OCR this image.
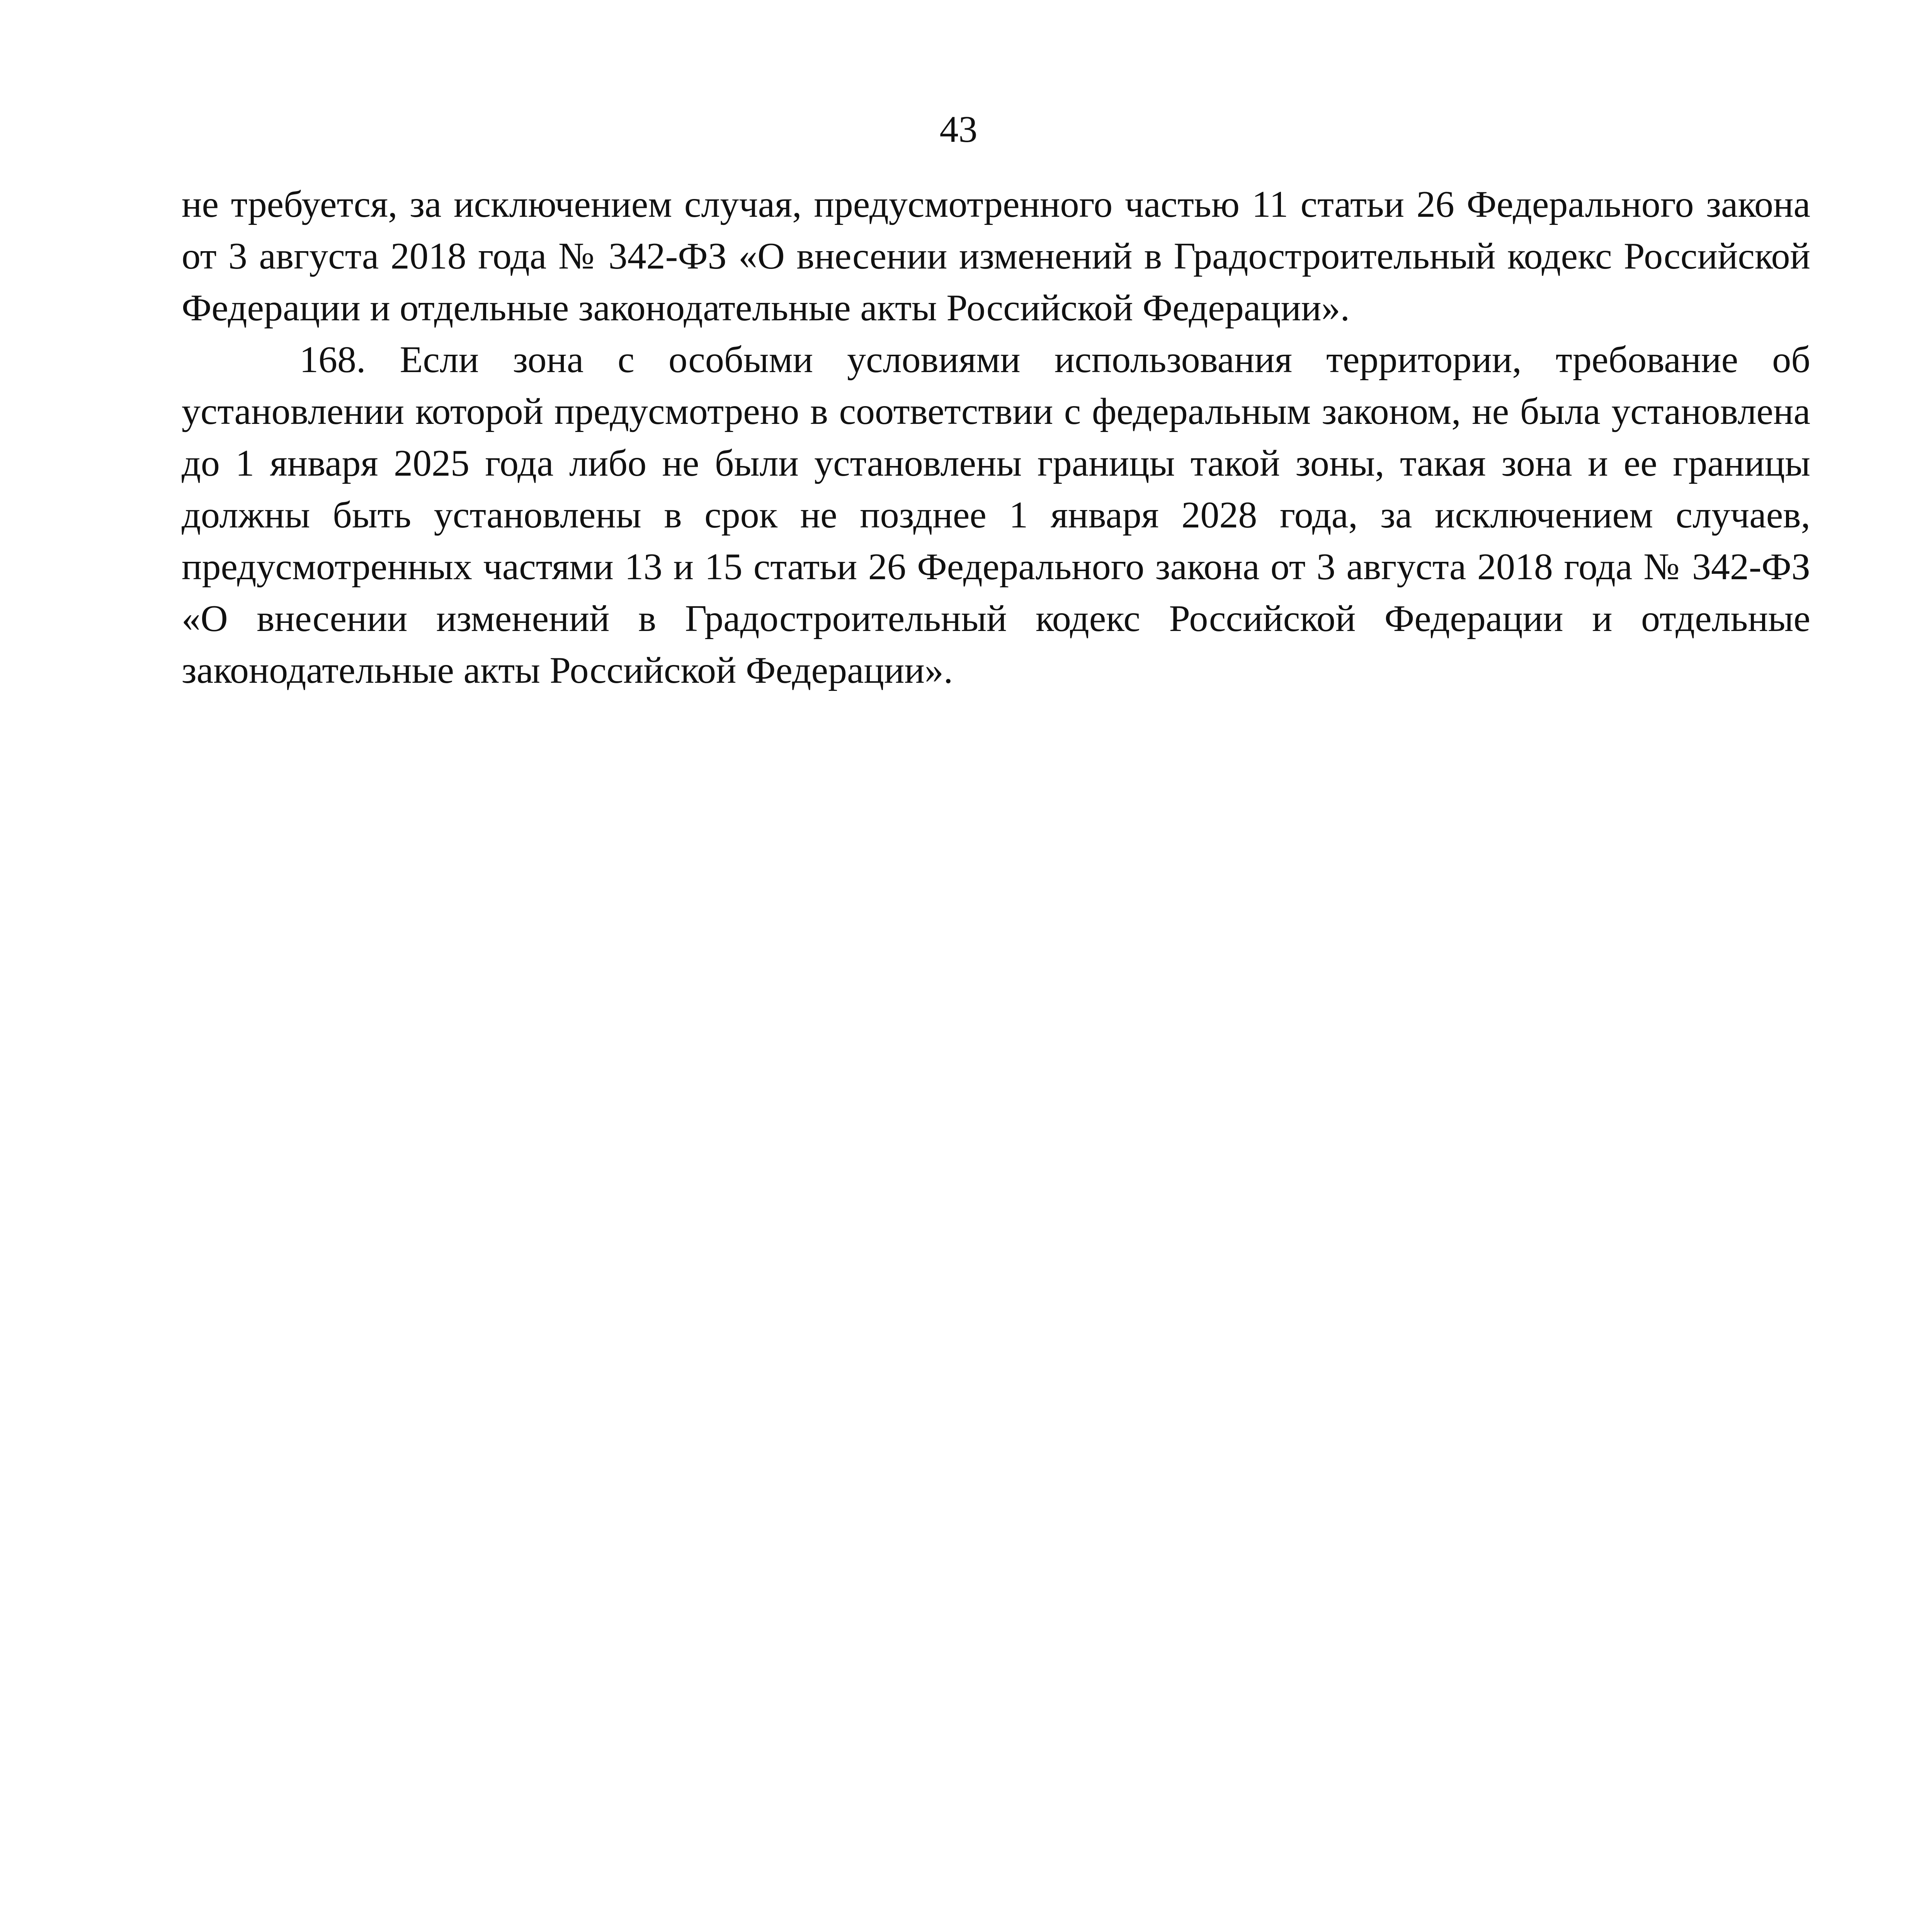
43

не требуется, за исключением случая, предусмотренного частью 11 статьи 26 Федерального закона от 3 августа 2018 года № 342-ФЗ «О внесении изменений в Градостроительный кодекс Российской Федерации и отдельные законодательные акты Российской Федерации».

168. Если зона с особыми условиями использования территории, требование об установлении которой предусмотрено в соответствии с федеральным законом, не была установлена до 1 января 2025 года либо не были установлены границы такой зоны, такая зона и ее границы должны быть установлены в срок не позднее 1 января 2028 года, за исключением случаев, предусмотренных частями 13 и 15 статьи 26 Федерального закона от 3 августа 2018 года № 342-ФЗ «О внесении изменений в Градостроительный кодекс Российской Федерации и отдельные законодательные акты Российской Федерации».
